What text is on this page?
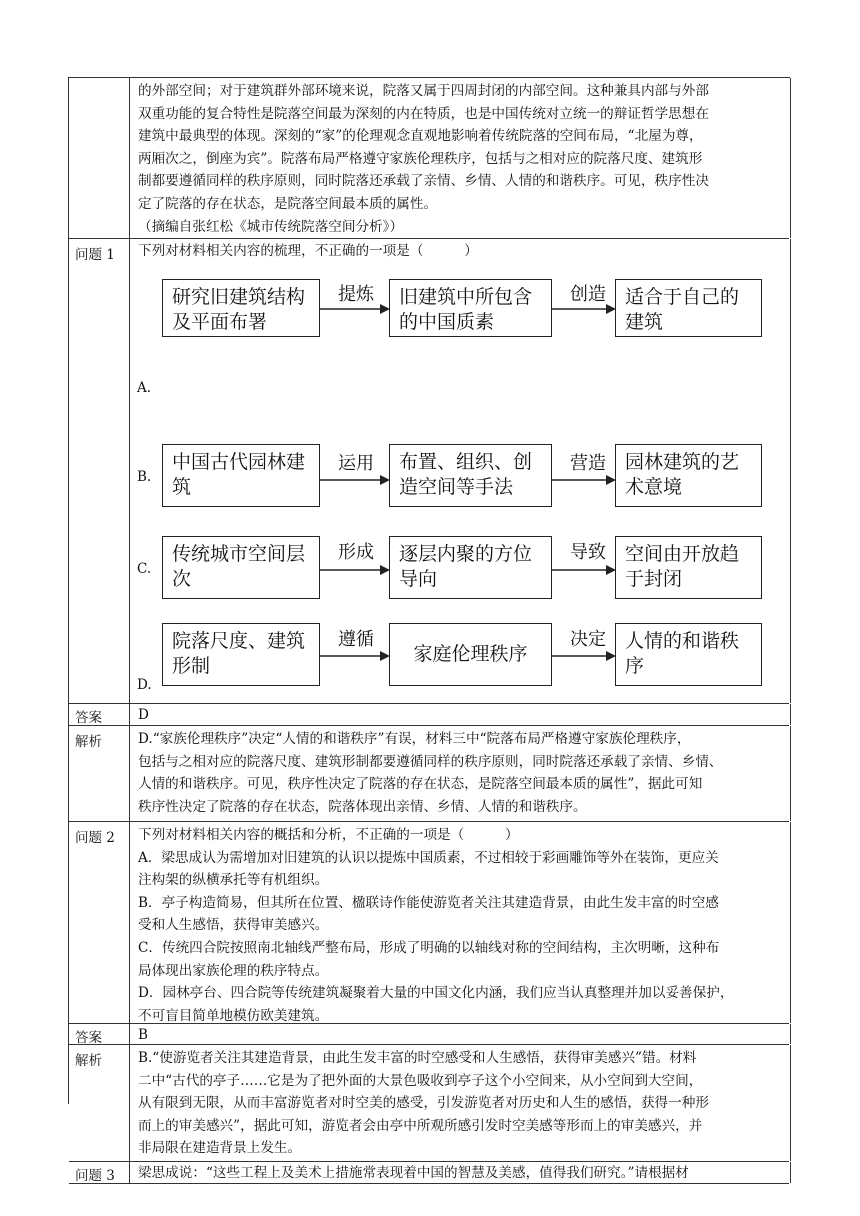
的外部空间；对于建筑群外部环境来说，院落又属于四周封闭的内部空间。这种兼具内部与外部

双重功能的复合特性是院落空间最为深刻的内在特质，也是中国传统对立统一的辩证哲学思想在

建筑中最典型的体现。深刻的“家”的伦理观念直观地影响着传统院落的空间布局，“北屋为尊，

两厢次之，倒座为宾”。院落布局严格遵守家族伦理秩序，包括与之相对应的院落尺度、建筑形

制都要遵循同样的秩序原则，同时院落还承载了亲情、乡情、人情的和谐秩序。可见，秩序性决

定了院落的存在状态，是院落空间最本质的属性。

（摘编自张红松《城市传统院落空间分析》）

问题 1	下列对材料相关内容的梳理，不正确的一项是（　　　）
A.
研究旧建筑结构及平面布署
提炼	旧建筑中所包含的中国质素
创造	适合于自己的建筑
B.
中国古代园林建筑
运用	布置、组织、创造空间等手法
营造	园林建筑的艺术意境
C.
传统城市空间层次
形成	逐层内聚的方位导向
导致	空间由开放趋于封闭
D.
院落尺度、建筑形制
遵循
家庭伦理秩序
决定	人情的和谐秩序
答案	D
解析	D.“家族伦理秩序”决定“人情的和谐秩序”有误，材料三中“院落布局严格遵守家族伦理秩序，

包括与之相对应的院落尺度、建筑形制都要遵循同样的秩序原则，同时院落还承载了亲情、乡情、

人情的和谐秩序。可见，秩序性决定了院落的存在状态，是院落空间最本质的属性”，据此可知

秩序性决定了院落的存在状态，院落体现出亲情、乡情、人情的和谐秩序。

问题 2	下列对材料相关内容的概括和分析，不正确的一项是（　　　）

A．梁思成认为需增加对旧建筑的认识以提炼中国质素，不过相较于彩画雕饰等外在装饰，更应关

注构架的纵横承托等有机组织。

B．亭子构造简易，但其所在位置、楹联诗作能使游览者关注其建造背景，由此生发丰富的时空感

受和人生感悟，获得审美感兴。

C．传统四合院按照南北轴线严整布局，形成了明确的以轴线对称的空间结构，主次明晰，这种布

局体现出家族伦理的秩序特点。

D．园林亭台、四合院等传统建筑凝聚着大量的中国文化内涵，我们应当认真整理并加以妥善保护，

不可盲目简单地模仿欧美建筑。

答案	B
解析	B.“使游览者关注其建造背景，由此生发丰富的时空感受和人生感悟，获得审美感兴”错。材料

二中“古代的亭子……它是为了把外面的大景色吸收到亭子这个小空间来，从小空间到大空间，

从有限到无限，从而丰富游览者对时空美的感受，引发游览者对历史和人生的感悟，获得一种形

而上的审美感兴”，据此可知，游览者会由亭中所观所感引发时空美感等形而上的审美感兴，并

非局限在建造背景上发生。

问题 3	梁思成说：“这些工程上及美术上措施常表现着中国的智慧及美感，值得我们研究。”请根据材
